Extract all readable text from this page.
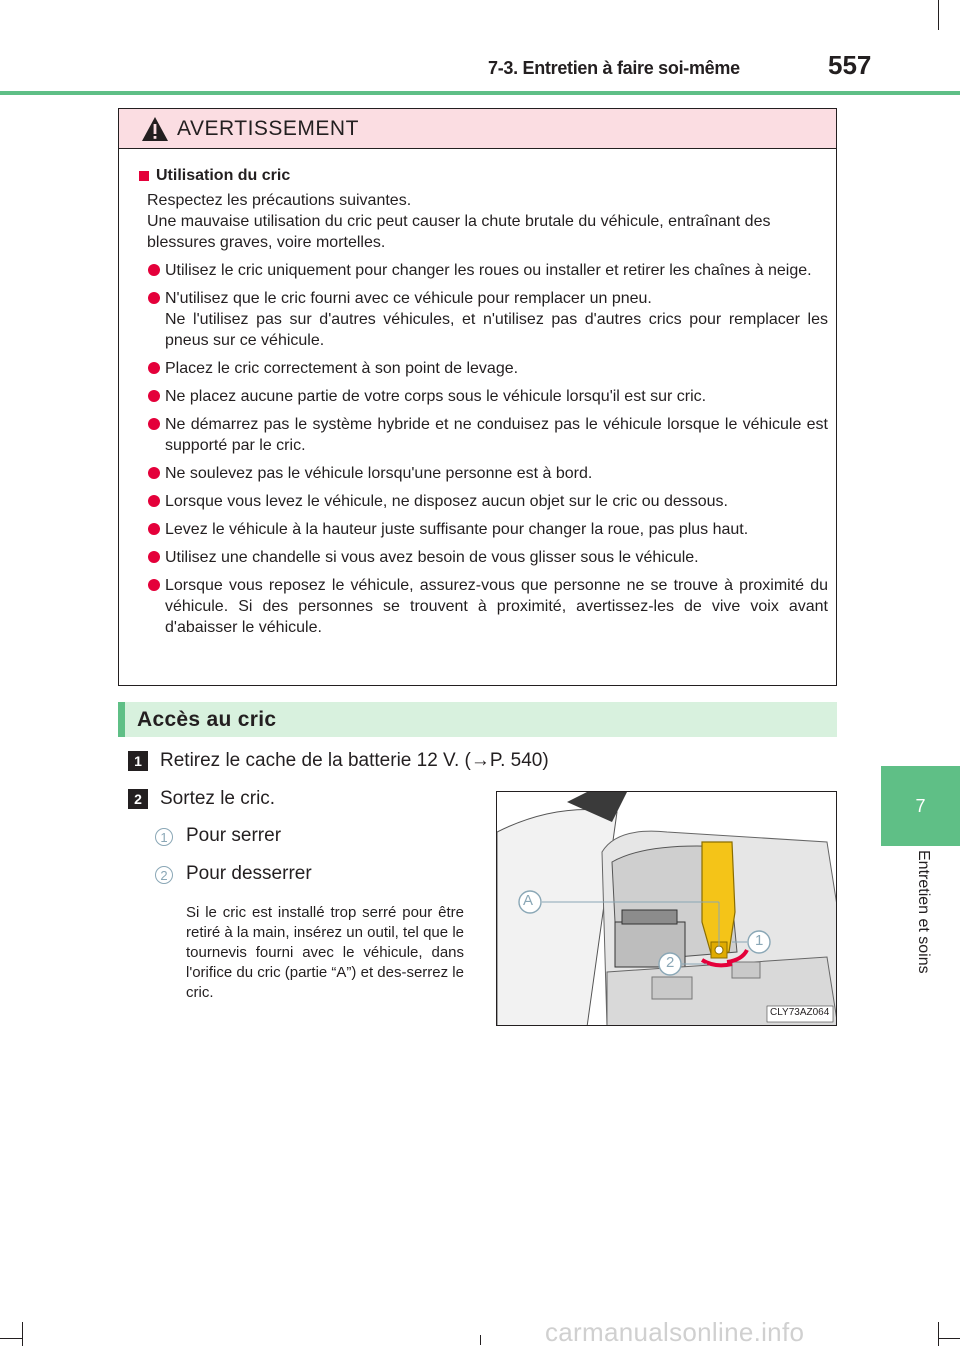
7-3. Entretien à faire soi-même	557
7
Entretien et soins
AVERTISSEMENT
Utilisation du cric
Respectez les précautions suivantes.
Une mauvaise utilisation du cric peut causer la chute brutale du véhicule, entraînant des blessures graves, voire mortelles.
Utilisez le cric uniquement pour changer les roues ou installer et retirer les chaînes à neige.
N'utilisez que le cric fourni avec ce véhicule pour remplacer un pneu.
Ne l'utilisez pas sur d'autres véhicules, et n'utilisez pas d'autres crics pour remplacer les pneus sur ce véhicule.
Placez le cric correctement à son point de levage.
Ne placez aucune partie de votre corps sous le véhicule lorsqu'il est sur cric.
Ne démarrez pas le système hybride et ne conduisez pas le véhicule lorsque le véhicule est supporté par le cric.
Ne soulevez pas le véhicule lorsqu'une personne est à bord.
Lorsque vous levez le véhicule, ne disposez aucun objet sur le cric ou dessous.
Levez le véhicule à la hauteur juste suffisante pour changer la roue, pas plus haut.
Utilisez une chandelle si vous avez besoin de vous glisser sous le véhicule.
Lorsque vous reposez le véhicule, assurez-vous que personne ne se trouve à proximité du véhicule. Si des personnes se trouvent à proximité, avertissez-les de vive voix avant d'abaisser le véhicule.
Accès au cric
1 Retirez le cache de la batterie 12 V. (→P. 540)
2 Sortez le cric.
1 Pour serrer
2 Pour desserrer
Si le cric est installé trop serré pour être retiré à la main, insérez un outil, tel que le tournevis fourni avec le véhicule, dans l'orifice du cric (partie “A”) et des-serrez le cric.
A
1
2
CLY73AZ064
carmanualsonline.info
